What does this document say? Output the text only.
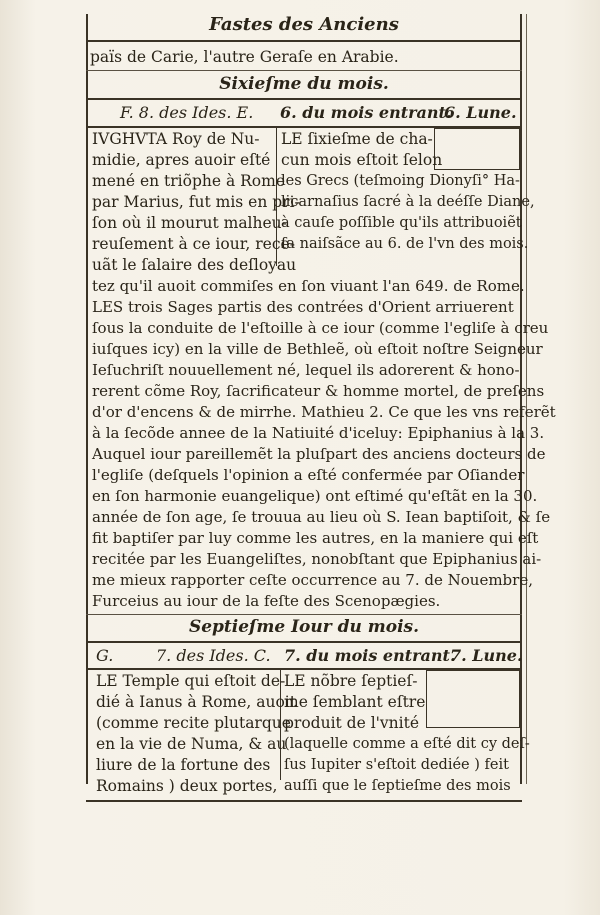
Fastes des Anciens
païs de Carie, l'autre Geraſe en Arabie.
Sixieſme du mois.
F. 8. des Ides. E. 6. du mois entrant.
6. Lune.
IVGHVTA Roy de Nu-
midie, apres auoir eſté
mené en triõphe à Rome
par Marius, fut mis en pri-
ſon où il mourut malheu-
reuſement à ce iour, rece-
uãt le ſalaire des deſloyau
LE ſixieſme de cha-
cun mois eſtoit ſelon
les Grecs (teſmoing Dionyſi° Ha-
licarnaſius ſacré à la deéſſe Diane,
à cauſe poſſible qu'ils attribuoiẽt
ſa naiſsãce au 6. de l'vn des mois.
tez qu'il auoit commiſes en ſon viuant l'an 649. de Rome.
LES trois Sages partis des contrées d'Orient arriuerent
ſous la conduite de l'eſtoille à ce iour (comme l'egliſe à creu
iuſques icy) en la ville de Bethleẽ, où eſtoit noſtre Seigneur
Ieſuchriſt nouuellement né, lequel ils adorerent & hono-
rerent cõme Roy, ſacrificateur & homme mortel, de preſens
d'or d'encens & de mirrhe. Mathieu 2. Ce que les vns referẽt
à la ſecõde annee de la Natiuité d'iceluy: Epiphanius à la 3.
Auquel iour pareillemẽt la pluſpart des anciens docteurs de
l'egliſe (deſquels l'opinion a eſté confermée par Oſiander
en ſon harmonie euangelique) ont eſtimé qu'eſtãt en la 30.
année de ſon age, ſe trouua au lieu où S. Iean baptiſoit, & ſe
fit baptiſer par luy comme les autres, en la maniere qui eſt
recitée par les Euangeliſtes, nonobſtant que Epiphanius ai-
me mieux rapporter ceſte occurrence au 7. de Nouembre,
Furceius au iour de la feſte des Scenopægies.
Septieſme Iour du mois.
G.	7. des Ides. C. 7. du mois entrant.
7. Lune.
LE Temple qui eſtoit de-
dié à Ianus à Rome, auoit
(comme recite plutarque
en la vie de Numa, & au
liure de la fortune des
Romains ) deux portes,
LE nõbre ſeptieſ-
me ſemblant eſtre
produit de l'vnité
(laquelle comme a eſté dit cy deſ-
ſus Iupiter s'eſtoit dediée ) feit
auſſi que le ſeptieſme des mois
